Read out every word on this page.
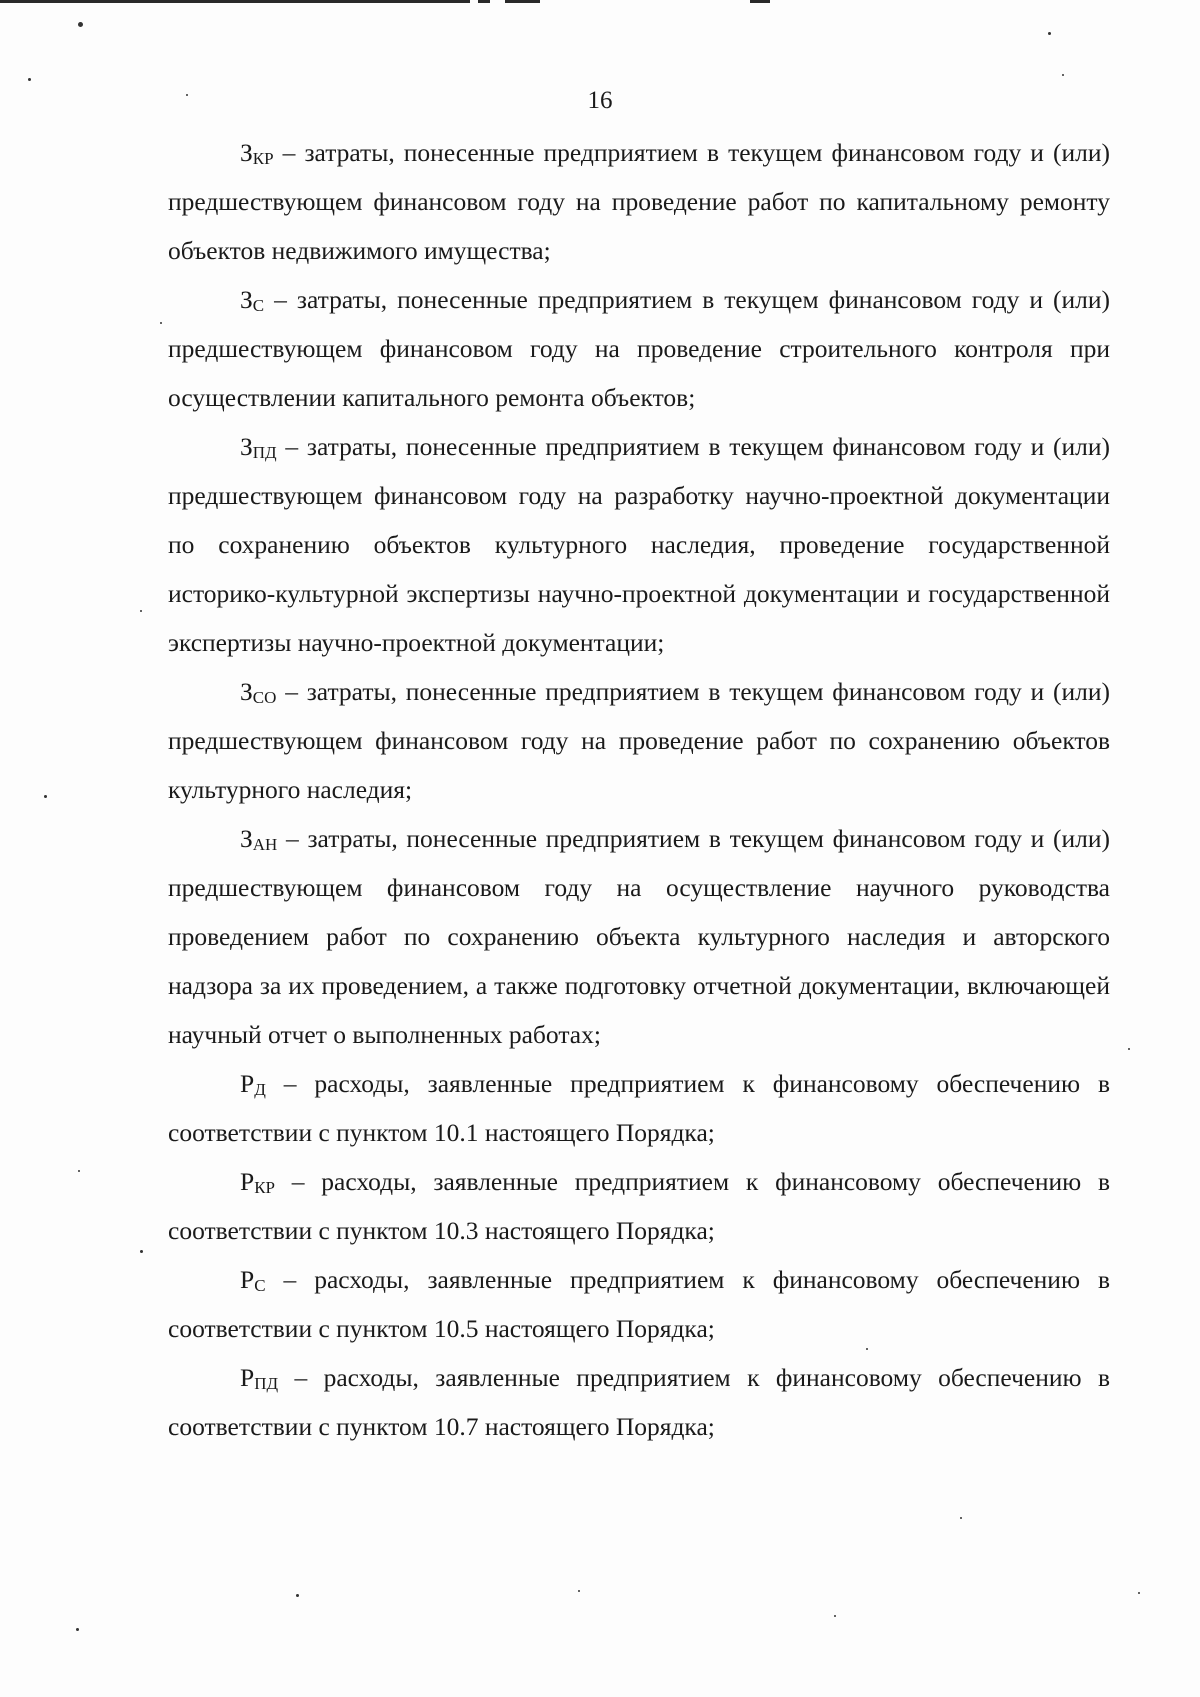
16

$З_{КР}$ – затраты, понесенные предприятием в текущем финансовом году и (или) предшествующем финансовом году на проведение работ по капитальному ремонту объектов недвижимого имущества;

$З_С$ – затраты, понесенные предприятием в текущем финансовом году и (или) предшествующем финансовом году на проведение строительного контроля при осуществлении капитального ремонта объектов;

$З_{ПД}$ – затраты, понесенные предприятием в текущем финансовом году и (или) предшествующем финансовом году на разработку научно-проектной документации по сохранению объектов культурного наследия, проведение государственной историко-культурной экспертизы научно-проектной документации и государственной экспертизы научно-проектной документации;

$З_{СО}$ – затраты, понесенные предприятием в текущем финансовом году и (или) предшествующем финансовом году на проведение работ по сохранению объектов культурного наследия;

$З_{АН}$ – затраты, понесенные предприятием в текущем финансовом году и (или) предшествующем финансовом году на осуществление научного руководства проведением работ по сохранению объекта культурного наследия и авторского надзора за их проведением, а также подготовку отчетной документации, включающей научный отчет о выполненных работах;

$Р_Д$ – расходы, заявленные предприятием к финансовому обеспечению в соответствии с пунктом 10.1 настоящего Порядка;

$Р_{КР}$ – расходы, заявленные предприятием к финансовому обеспечению в соответствии с пунктом 10.3 настоящего Порядка;

$Р_С$ – расходы, заявленные предприятием к финансовому обеспечению в соответствии с пунктом 10.5 настоящего Порядка;

$Р_{ПД}$ – расходы, заявленные предприятием к финансовому обеспечению в соответствии с пунктом 10.7 настоящего Порядка;
